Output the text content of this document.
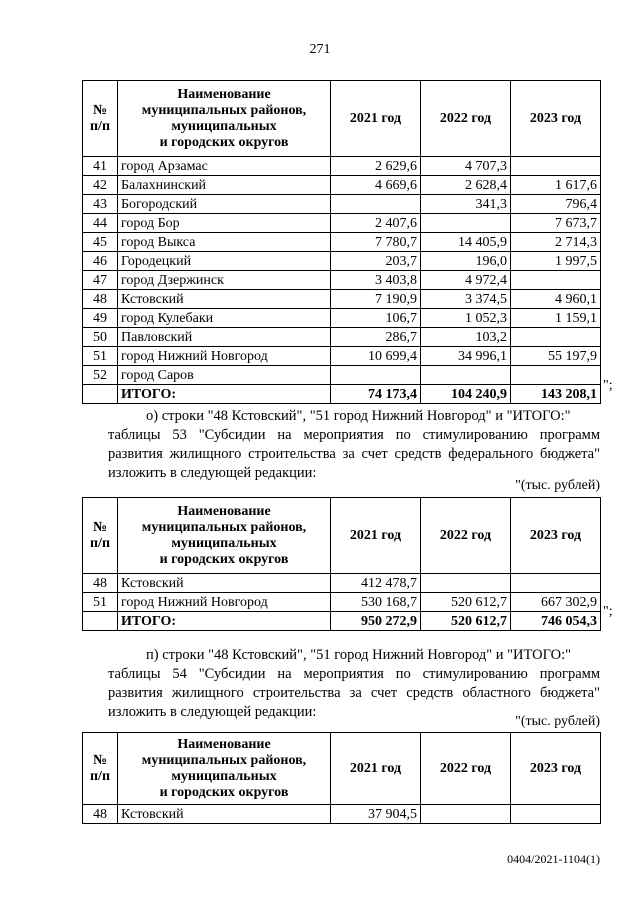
271
№ п/п	Наименование
муниципальных районов,
муниципальных
и городских округов	2021 год	2022 год	2023 год
41	город Арзамас	2 629,6	4 707,3	
42	Балахнинский	4 669,6	2 628,4	1 617,6
43	Богородский		341,3	796,4
44	город Бор	2 407,6		7 673,7
45	город Выкса	7 780,7	14 405,9	2 714,3
46	Городецкий	203,7	196,0	1 997,5
47	город Дзержинск	3 403,8	4 972,4	
48	Кстовский	7 190,9	3 374,5	4 960,1
49	город Кулебаки	106,7	1 052,3	1 159,1
50	Павловский	286,7	103,2	
51	город Нижний Новгород	10 699,4	34 996,1	55 197,9
52	город Саров			
	ИТОГО:	74 173,4	104 240,9	143 208,1
";
о) строки "48 Кстовский", "51 город Нижний Новгород" и "ИТОГО:"
таблицы 53 "Субсидии на мероприятия по стимулированию программ развития жилищного строительства за счет средств федерального бюджета" изложить в следующей редакции:
"(тыс. рублей)
№ п/п	Наименование
муниципальных районов,
муниципальных
и городских округов	2021 год	2022 год	2023 год
48	Кстовский	412 478,7		
51	город Нижний Новгород	530 168,7	520 612,7	667 302,9
	ИТОГО:	950 272,9	520 612,7	746 054,3
";
п) строки "48 Кстовский", "51 город Нижний Новгород" и "ИТОГО:"
таблицы 54 "Субсидии на мероприятия по стимулированию программ развития жилищного строительства за счет средств областного бюджета" изложить в следующей редакции:
"(тыс. рублей)
№ п/п	Наименование
муниципальных районов,
муниципальных
и городских округов	2021 год	2022 год	2023 год
48	Кстовский	37 904,5		
0404/2021-1104(1)
